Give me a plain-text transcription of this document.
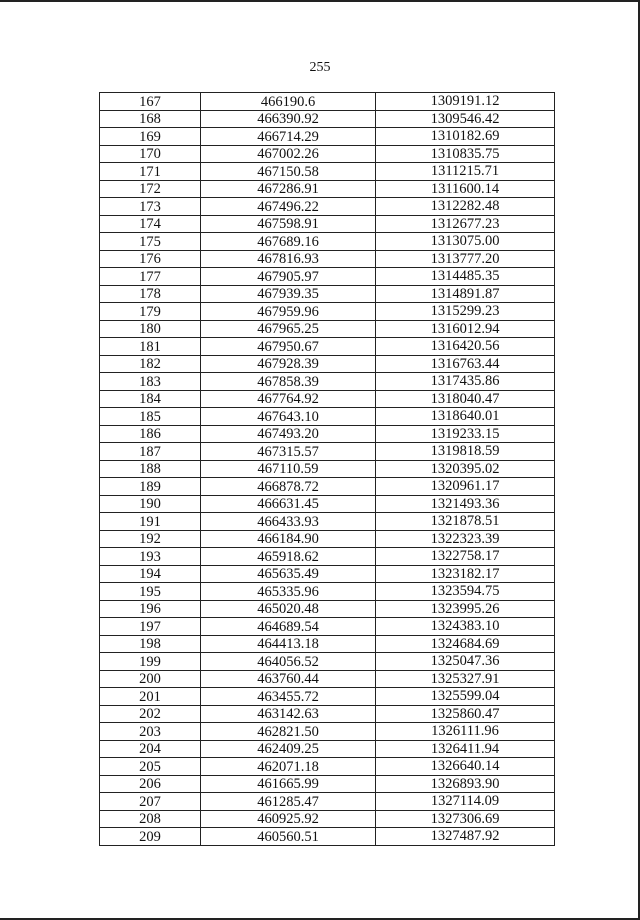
255
167	466190.6	1309191.12
168	466390.92	1309546.42
169	466714.29	1310182.69
170	467002.26	1310835.75
171	467150.58	1311215.71
172	467286.91	1311600.14
173	467496.22	1312282.48
174	467598.91	1312677.23
175	467689.16	1313075.00
176	467816.93	1313777.20
177	467905.97	1314485.35
178	467939.35	1314891.87
179	467959.96	1315299.23
180	467965.25	1316012.94
181	467950.67	1316420.56
182	467928.39	1316763.44
183	467858.39	1317435.86
184	467764.92	1318040.47
185	467643.10	1318640.01
186	467493.20	1319233.15
187	467315.57	1319818.59
188	467110.59	1320395.02
189	466878.72	1320961.17
190	466631.45	1321493.36
191	466433.93	1321878.51
192	466184.90	1322323.39
193	465918.62	1322758.17
194	465635.49	1323182.17
195	465335.96	1323594.75
196	465020.48	1323995.26
197	464689.54	1324383.10
198	464413.18	1324684.69
199	464056.52	1325047.36
200	463760.44	1325327.91
201	463455.72	1325599.04
202	463142.63	1325860.47
203	462821.50	1326111.96
204	462409.25	1326411.94
205	462071.18	1326640.14
206	461665.99	1326893.90
207	461285.47	1327114.09
208	460925.92	1327306.69
209	460560.51	1327487.92
